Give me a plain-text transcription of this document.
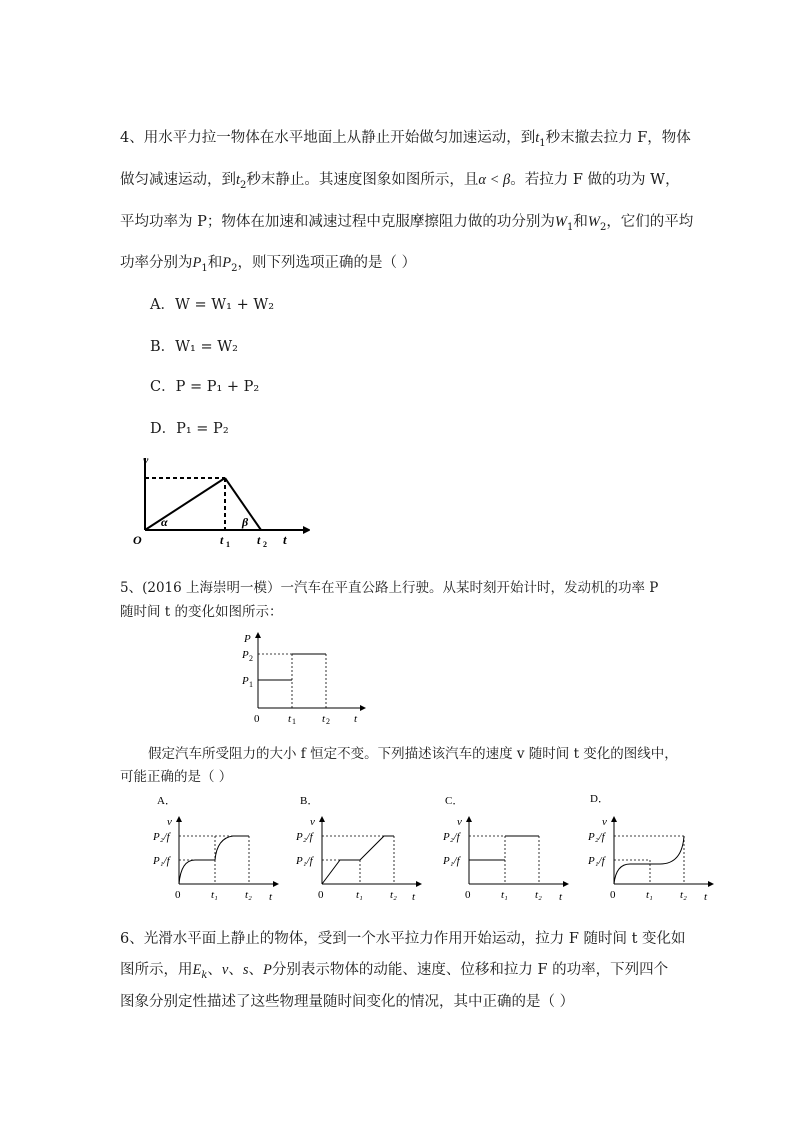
4、用水平力拉一物体在水平地面上从静止开始做匀加速运动，到$t_1$秒末撤去拉力 F，物体
做匀减速运动，到$t_2$秒末静止。其速度图象如图所示，且α < β。若拉力 F 做的功为 W，
平均功率为 P；物体在加速和减速过程中克服摩擦阻力做的功分别为$W_1$和$W_2$，它们的平均
功率分别为$P_1$和$P_2$，则下列选项正确的是（ ）
A．W = W₁ + W₂
B．W₁ = W₂
C．P = P₁ + P₂
D．P₁ = P₂
v
O
α	β
t 1 t 2 t
5、(2016 上海崇明一模）一汽车在平直公路上行驶。从某时刻开始计时，发动机的功率 P
随时间 t 的变化如图所示：
P
P 2
P 1
0	t 1 t 2 t
假定汽车所受阻力的大小 f 恒定不变。下列描述该汽车的速度 v 随时间 t 变化的图线中，
可能正确的是（ ）
A．
v
P₂/f
P₁/f
0	t₁ t₂ t
B．
v
P₂/f
P₁/f
0	t₁ t₂ t
C．
v
P₂/f
P₁/f
0	t₁ t₂ t
D．
v
P₂/f
P₁/f
0	t₁ t₂ t
6、光滑水平面上静止的物体，受到一个水平拉力作用开始运动，拉力 F 随时间 t 变化如
图所示，用$E_k$、v、s、P分别表示物体的动能、速度、位移和拉力 F 的功率，下列四个
图象分别定性描述了这些物理量随时间变化的情况，其中正确的是（ ）
